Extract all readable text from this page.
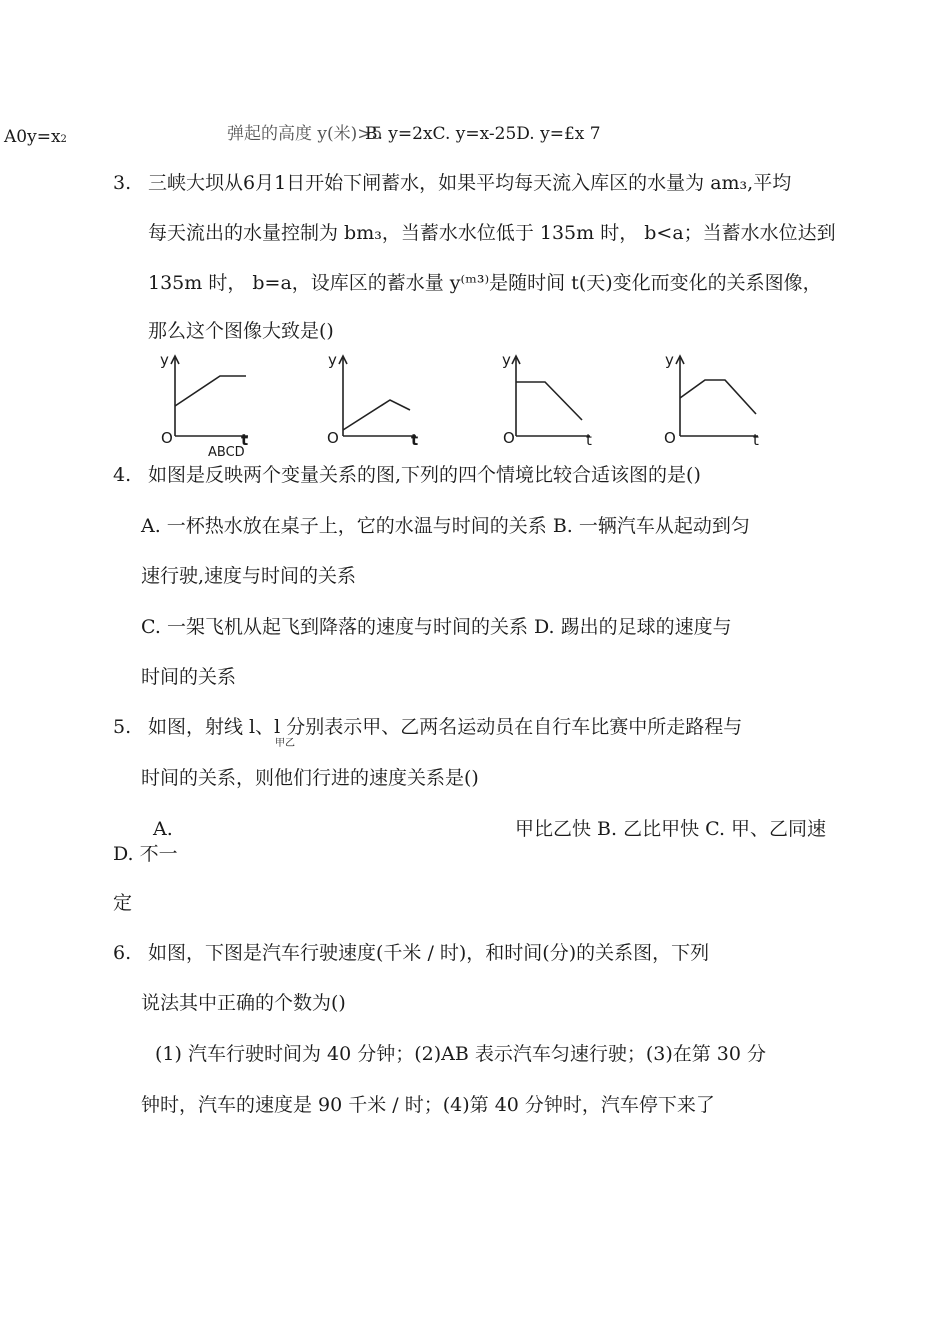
A0y=x2	弹起的高度 y(米)>5
B. y=2xC. y=x-25D. y=£x 7
3. 三峡大坝从6月1日开始下闸蓄水，如果平均每天流入库区的水量为 am₃,平均
每天流出的水量控制为 bm₃，当蓄水水位低于 135m 时， b<a；当蓄水水位达到
135m 时， b=a，设库区的蓄水量 y⁽ᵐ³⁾是随时间 t(天)变化而变化的关系图像，
那么这个图像大致是()
y
O	t
y
O	t
y
O	t
y
O	t
ABCD
4. 如图是反映两个变量关系的图,下列的四个情境比较合适该图的是()
A. 一杯热水放在桌子上，它的水温与时间的关系 B. 一辆汽车从起动到匀
速行驶,速度与时间的关系
C. 一架飞机从起飞到降落的速度与时间的关系 D. 踢出的足球的速度与
时间的关系
5. 如图，射线 l、l 分别表示甲、乙两名运动员在自行车比赛中所走路程与
甲乙
时间的关系，则他们行进的速度关系是()
A.	甲比乙快 B. 乙比甲快 C. 甲、乙同速
D. 不一
定
6. 如图，下图是汽车行驶速度(千米 / 时)，和时间(分)的关系图，下列
说法其中正确的个数为()
(1) 汽车行驶时间为 40 分钟；(2)AB 表示汽车匀速行驶；(3)在第 30 分
钟时，汽车的速度是 90 千米 / 时；(4)第 40 分钟时，汽车停下来了
